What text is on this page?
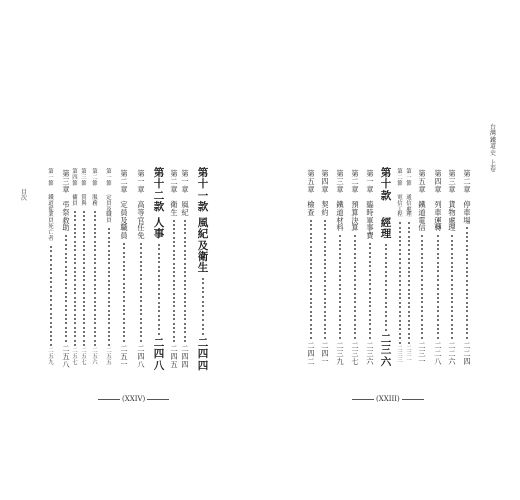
目
次
第
十
一
款
風
紀
及
衛
生
二
四
四
第
一
章
風
紀
二
四
四
第
二
章
衛
生
二
四
五
第
十
二
款
人
事
二
四
八
第
一
章
高
等
官
任
免
二
四
八
第
二
章
定
員
及
職
員
二
五
一
第
一
節
定
員
及
職
員
二
五
五
第
二
節
服
務
二
五
六
第
三
節
賞
與
二
五
七
第
四
節
傭
員
二
五
七
第
三
章
弔
祭
救
助
二
五
八
第
一
節
鐵
道
從
業
員
死
亡
者
二
五
九
(XXIV)
台
灣
鐵
道
史
上
卷
第
二
章
停
車
場
二
二
四
第
三
章
貨
物
處
理
二
二
六
第
四
章
列
車
運
轉
二
二
八
第
五
章
鐵
道
電
信
二
三
一
第
一
節
通
信
處
理
二
三
一
第
二
節
電
信
工
程
二
三
三
第
十
款
經
理
二
三
六
第
一
章
臨
時
軍
事
費
二
三
六
第
二
章
預
算
決
算
二
三
七
第
三
章
鐵
道
材
料
二
三
九
第
四
章
契
約
二
四
一
第
五
章
檢
查
二
四
二
(XXIII)
